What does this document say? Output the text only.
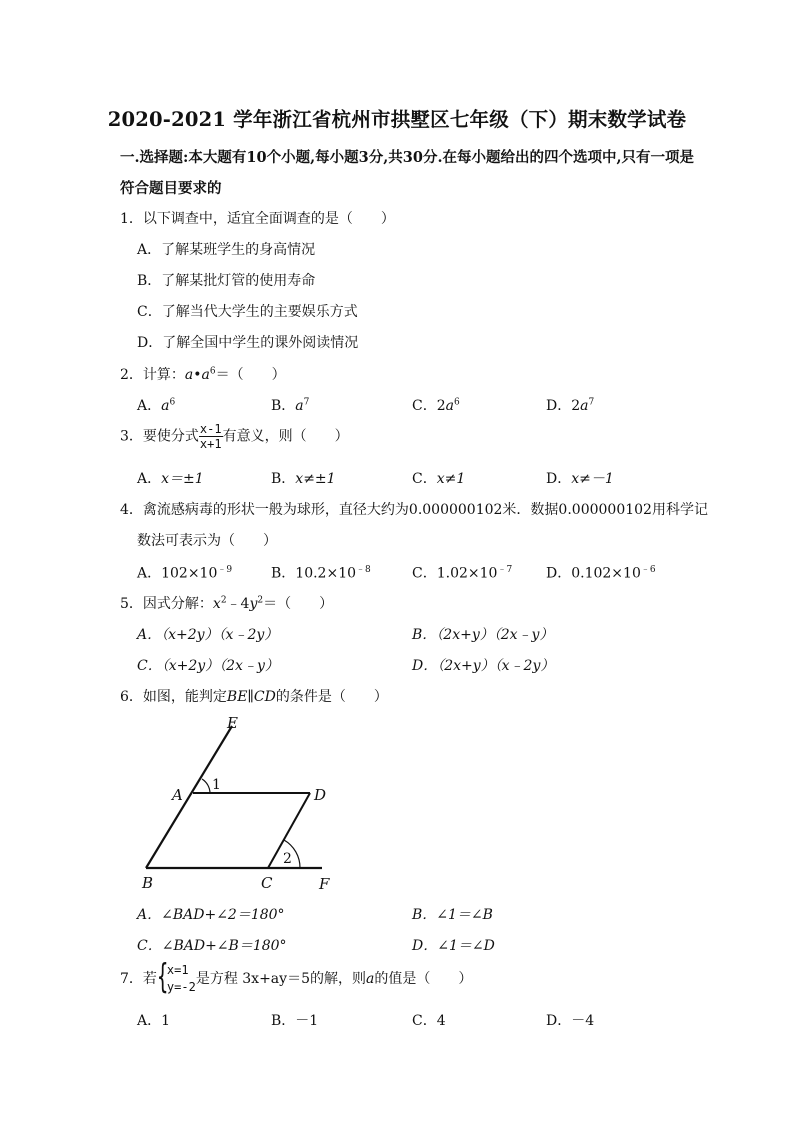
2020-2021 学年浙江省杭州市拱墅区七年级（下）期末数学试卷
一.选择题:本大题有10个小题,每小题3分,共30分.在每小题给出的四个选项中,只有一项是
符合题目要求的
1．以下调查中，适宜全面调查的是（　　）
A．了解某班学生的身高情况
B．了解某批灯管的使用寿命
C．了解当代大学生的主要娱乐方式
D．了解全国中学生的课外阅读情况
2．计算：$a•a^6=$（　　）
A．$a^6$	B．$a^7$	C．$2a^6$	D．$2a^7$
3．要使分式 $\frac{x-1}{x+1}$ 有意义，则（　　）
A．x＝±1	B．x≠±1	C．x≠1	D．x≠－1
4．禽流感病毒的形状一般为球形，直径大约为0.000000102米．数据0.000000102用科学记
数法可表示为（　　）
A．$102\times 10^{﹣9}$	B．$10.2\times 10^{﹣8}$	C．$1.02\times 10^{﹣7}$ D．$0.102\times 10^{﹣6}$
5．因式分解：$x^2﹣4y^2=$（　　）
A．（x+2y）（x﹣2y）	B．（2x+y）（2x﹣y）
C．（x+2y）（2x﹣y）	D．（2x+y）（x﹣2y）
6．如图，能判定BE∥CD的条件是（　　）
E
A	D
B	C	F
1
2
A．∠BAD+∠2＝180°	B．∠1＝∠B
C．∠BAD+∠B＝180°	D．∠1＝∠D
7．若 {
x=1
y=-2 是方程 3x+ay＝5的解，则a的值是（　　）
A．1	B．－1	C．4	D．－4
